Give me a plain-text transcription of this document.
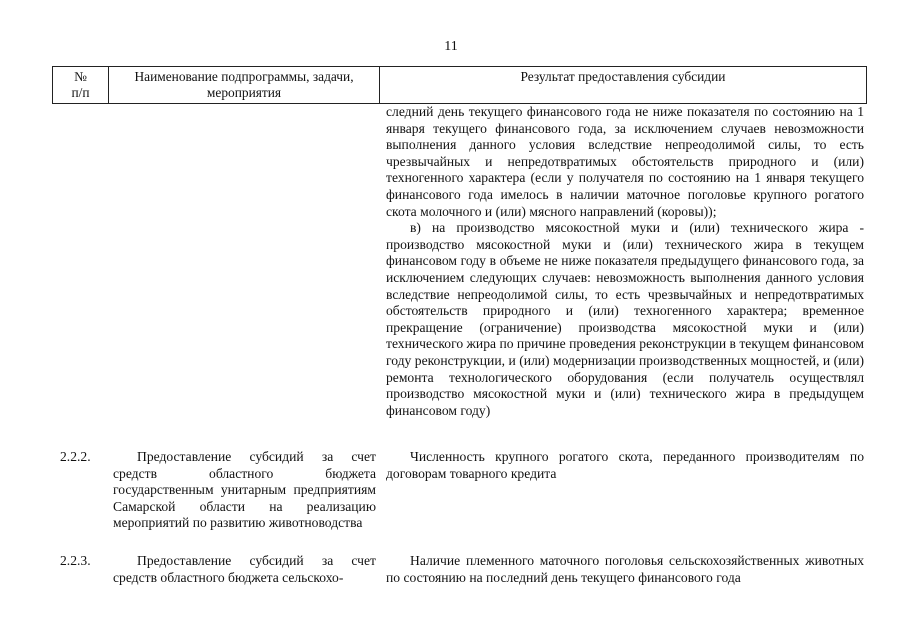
11
№
п/п
Наименование подпрограммы, задачи, мероприятия
Результат предоставления субсидии

следний день текущего финансового года не ниже показателя по состоянию на 1 января текущего финансового года, за исключением случаев невозможности выполнения данного условия вследствие непреодолимой силы, то есть чрезвычайных и непредотвратимых обстоятельств природного и (или) техногенного характера (если у получателя по состоянию на 1 января текущего финансового года имелось в наличии маточное поголовье крупного рогатого скота молочного и (или) мясного направлений (коровы));

в) на производство мясокостной муки и (или) технического жира - производство мясокостной муки и (или) технического жира в текущем финансовом году в объеме не ниже показателя предыдущего финансового года, за исключением следующих случаев: невозможность выполнения данного условия вследствие непреодолимой силы, то есть чрезвычайных и непредотвратимых обстоятельств природного и (или) техногенного характера; временное прекращение (ограничение) производства мясокостной муки и (или) технического жира по причине проведения реконструкции в текущем финансовом году реконструкции, и (или) модернизации производственных мощностей, и (или) ремонта технологического оборудования (если получатель осуществлял производство мясокостной муки и (или) технического жира в предыдущем финансовом году)

2.2.2.	Предоставление субсидий за счет средств областного бюджета государственным унитарным предприятиям Самарской области на реализацию мероприятий по развитию животноводства
Численность крупного рогатого скота, переданного производителям по договорам товарного кредита
2.2.3.	Предоставление субсидий за счет средств областного бюджета сельскохо-
Наличие племенного маточного поголовья сельскохозяйственных животных по состоянию на последний день текущего финансового года
